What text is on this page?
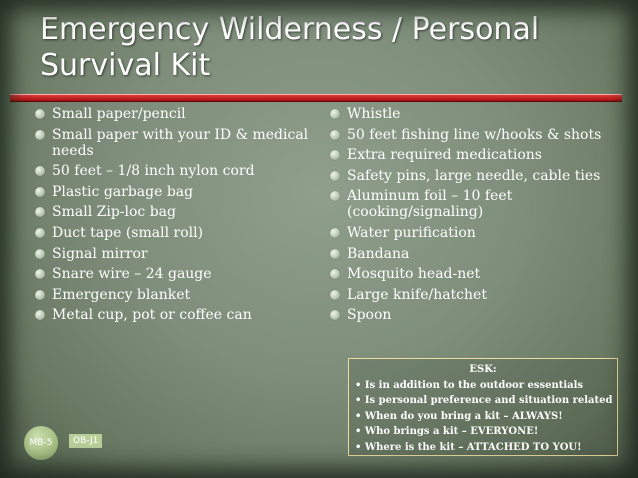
Emergency Wilderness / Personal Survival Kit
Small paper/pencil
Small paper with your ID & medical needs
50 feet – 1/8 inch nylon cord
Plastic garbage bag
Small Zip-loc bag
Duct tape (small roll)
Signal mirror
Snare wire – 24 gauge
Emergency blanket
Metal cup, pot or coffee can
Whistle
50 feet fishing line w/hooks & shots
Extra required medications
Safety pins, large needle, cable ties
Aluminum foil – 10 feet (cooking/signaling)
Water purification
Bandana
Mosquito head-net
Large knife/hatchet
Spoon
ESK:
• Is in addition to the outdoor essentials
• Is personal preference and situation related
• When do you bring a kit – ALWAYS!
• Who brings a kit – EVERYONE!
• Where is the kit – ATTACHED TO YOU!
MB-5	OB-J1
